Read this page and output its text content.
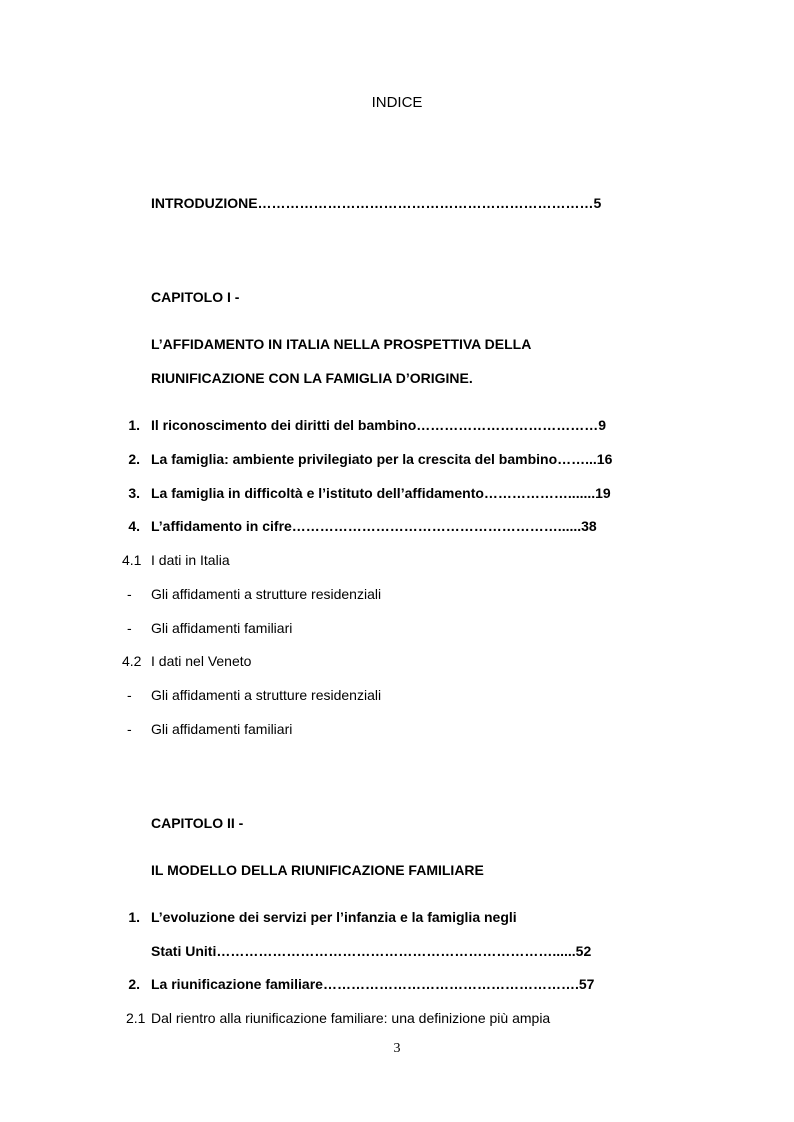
INDICE
INTRODUZIONE………………………………………………………………5
CAPITOLO I -
L’AFFIDAMENTO IN ITALIA NELLA PROSPETTIVA DELLA
RIUNIFICAZIONE CON LA FAMIGLIA D’ORIGINE.
1. Il riconoscimento dei diritti del bambino…………………………………9
2. La famiglia: ambiente privilegiato per la crescita del bambino……...16
3. La famiglia in difficoltà e l’istituto dell’affidamento……………….......19
4. L’affidamento in cifre…………………………………………………......38
4.1 I dati in Italia
- Gli affidamenti a strutture residenziali
- Gli affidamenti familiari
4.2 I dati nel Veneto
- Gli affidamenti a strutture residenziali
- Gli affidamenti familiari
CAPITOLO II -
IL MODELLO DELLA RIUNIFICAZIONE FAMILIARE
1. L’evoluzione dei servizi per l’infanzia e la famiglia negli
Stati Uniti………………………………………………………………......52
2. La riunificazione familiare……………………………………………….57
2.1 Dal rientro alla riunificazione familiare: una definizione più ampia
3
